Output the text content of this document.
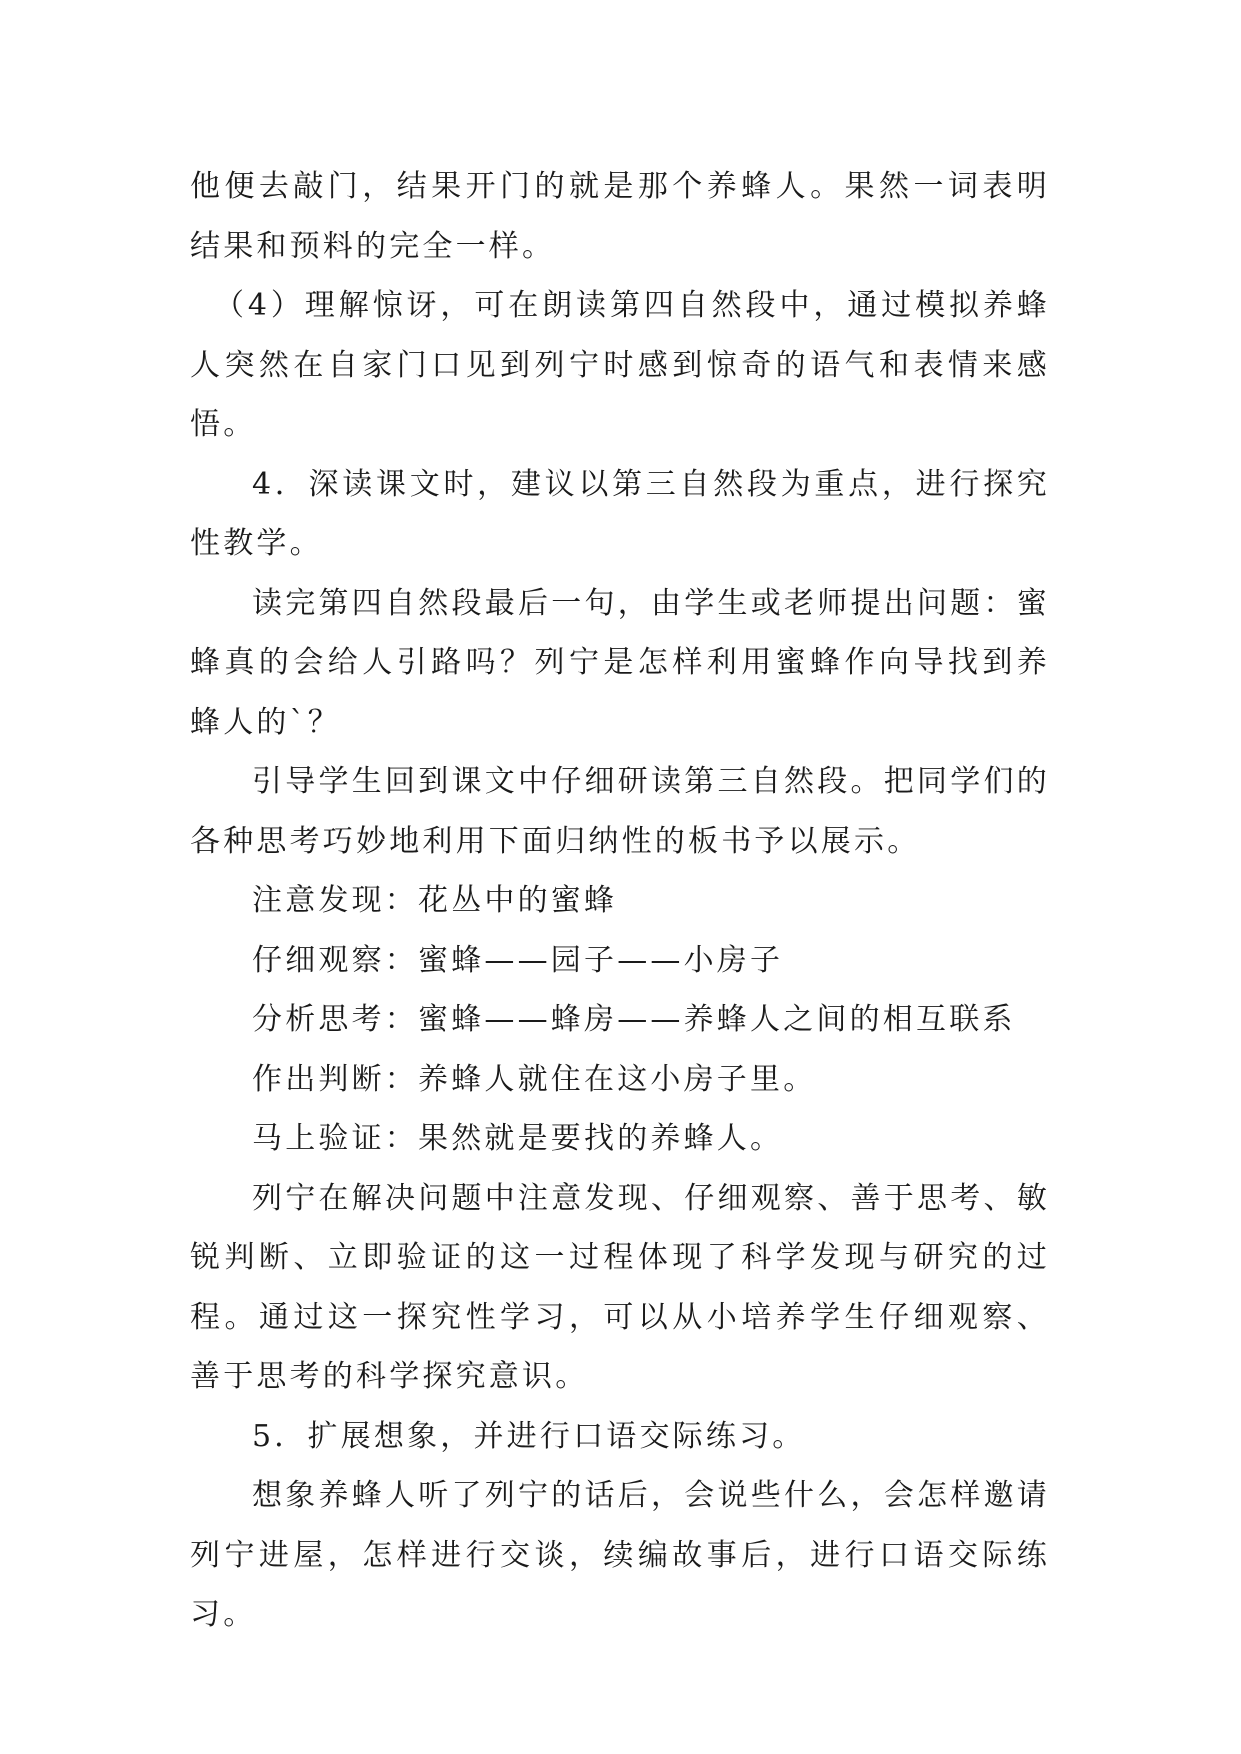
他便去敲门，结果开门的就是那个养蜂人。果然一词表明结果和预料的完全一样。

（4）理解惊讶，可在朗读第四自然段中，通过模拟养蜂人突然在自家门口见到列宁时感到惊奇的语气和表情来感悟。

4．深读课文时，建议以第三自然段为重点，进行探究性教学。

读完第四自然段最后一句，由学生或老师提出问题：蜜蜂真的会给人引路吗？列宁是怎样利用蜜蜂作向导找到养蜂人的`？

引导学生回到课文中仔细研读第三自然段。把同学们的各种思考巧妙地利用下面归纳性的板书予以展示。

注意发现：花丛中的蜜蜂

仔细观察：蜜蜂——园子——小房子

分析思考：蜜蜂——蜂房——养蜂人之间的相互联系

作出判断：养蜂人就住在这小房子里。

马上验证：果然就是要找的养蜂人。

列宁在解决问题中注意发现、仔细观察、善于思考、敏锐判断、立即验证的这一过程体现了科学发现与研究的过程。通过这一探究性学习，可以从小培养学生仔细观察、善于思考的科学探究意识。

5．扩展想象，并进行口语交际练习。

想象养蜂人听了列宁的话后，会说些什么，会怎样邀请列宁进屋，怎样进行交谈，续编故事后，进行口语交际练习。
